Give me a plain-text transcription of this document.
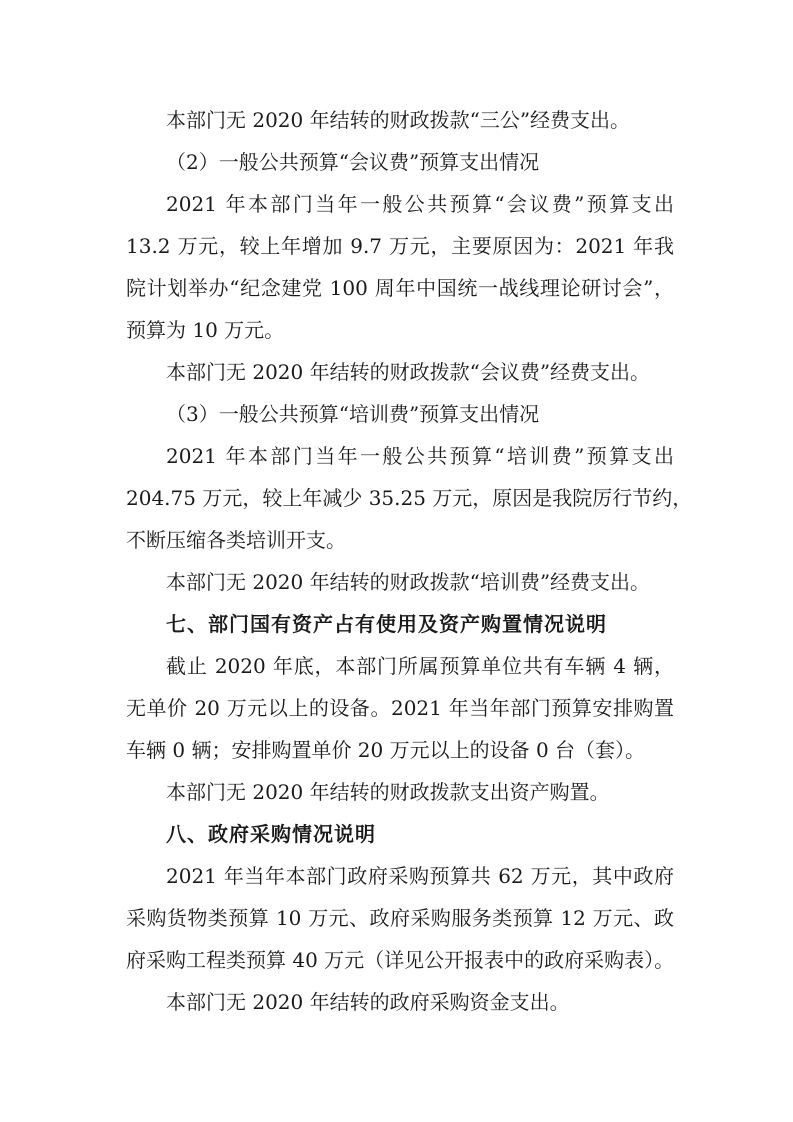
本部门无 2020 年结转的财政拨款“三公”经费支出。

（2）一般公共预算“会议费”预算支出情况

2021 年本部门当年一般公共预算“会议费”预算支出

13.2 万元，较上年增加 9.7 万元，主要原因为：2021 年我

院计划举办“纪念建党 100 周年中国统一战线理论研讨会”，

预算为 10 万元。

本部门无 2020 年结转的财政拨款“会议费”经费支出。

（3）一般公共预算“培训费”预算支出情况

2021 年本部门当年一般公共预算“培训费”预算支出

204.75 万元，较上年减少 35.25 万元，原因是我院厉行节约，

不断压缩各类培训开支。

本部门无 2020 年结转的财政拨款“培训费”经费支出。

七、部门国有资产占有使用及资产购置情况说明

截止 2020 年底，本部门所属预算单位共有车辆 4 辆，

无单价 20 万元以上的设备。2021 年当年部门预算安排购置

车辆 0 辆；安排购置单价 20 万元以上的设备 0 台（套）。

本部门无 2020 年结转的财政拨款支出资产购置。

八、政府采购情况说明

2021 年当年本部门政府采购预算共 62 万元，其中政府

采购货物类预算 10 万元、政府采购服务类预算 12 万元、政

府采购工程类预算 40 万元（详见公开报表中的政府采购表）。

本部门无 2020 年结转的政府采购资金支出。
